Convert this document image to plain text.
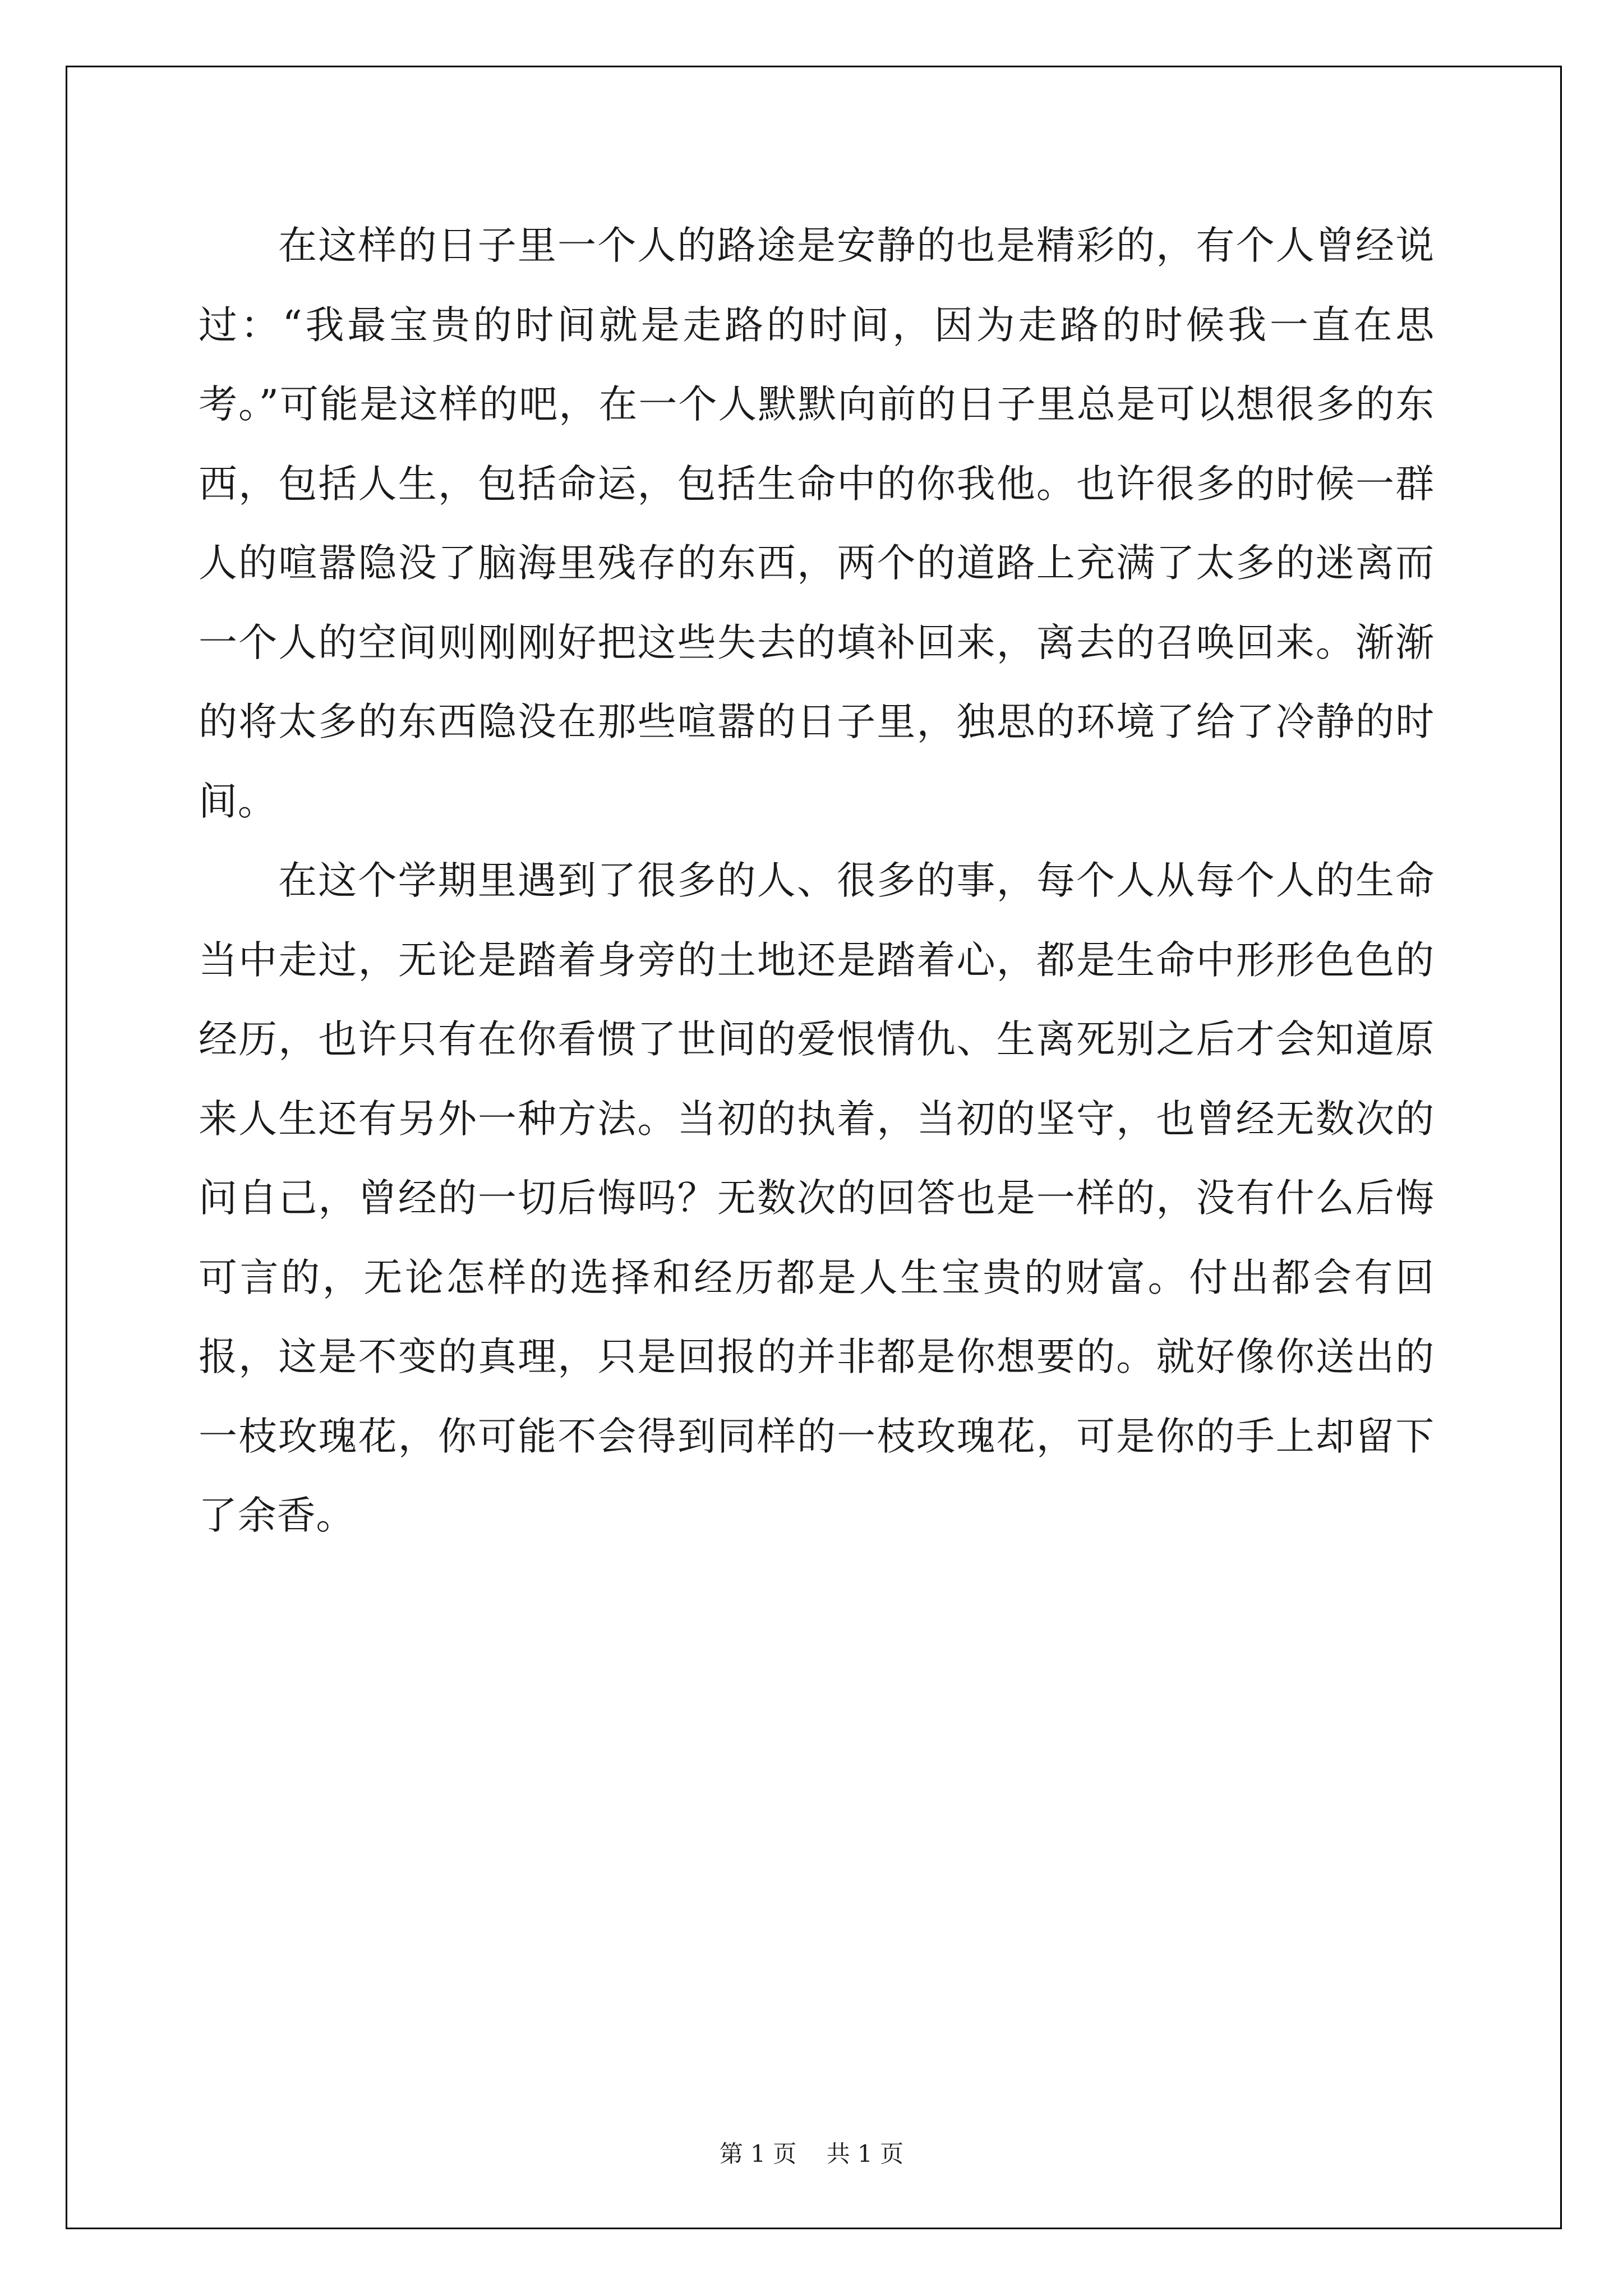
在这样的日子里一个人的路途是安静的也是精彩的，有个人曾经说过：“我最宝贵的时间就是走路的时间，因为走路的时候我一直在思考。”可能是这样的吧，在一个人默默向前的日子里总是可以想很多的东西，包括人生，包括命运，包括生命中的你我他。也许很多的时候一群人的喧嚣隐没了脑海里残存的东西，两个的道路上充满了太多的迷离而一个人的空间则刚刚好把这些失去的填补回来，离去的召唤回来。渐渐的将太多的东西隐没在那些喧嚣的日子里，独思的环境了给了冷静的时间。

在这个学期里遇到了很多的人、很多的事，每个人从每个人的生命当中走过，无论是踏着身旁的土地还是踏着心，都是生命中形形色色的经历，也许只有在你看惯了世间的爱恨情仇、生离死别之后才会知道原来人生还有另外一种方法。当初的执着，当初的坚守，也曾经无数次的问自己，曾经的一切后悔吗？无数次的回答也是一样的，没有什么后悔可言的，无论怎样的选择和经历都是人生宝贵的财富。付出都会有回报，这是不变的真理，只是回报的并非都是你想要的。就好像你送出的一枝玫瑰花，你可能不会得到同样的一枝玫瑰花，可是你的手上却留下了余香。

第 1 页 共 1 页
